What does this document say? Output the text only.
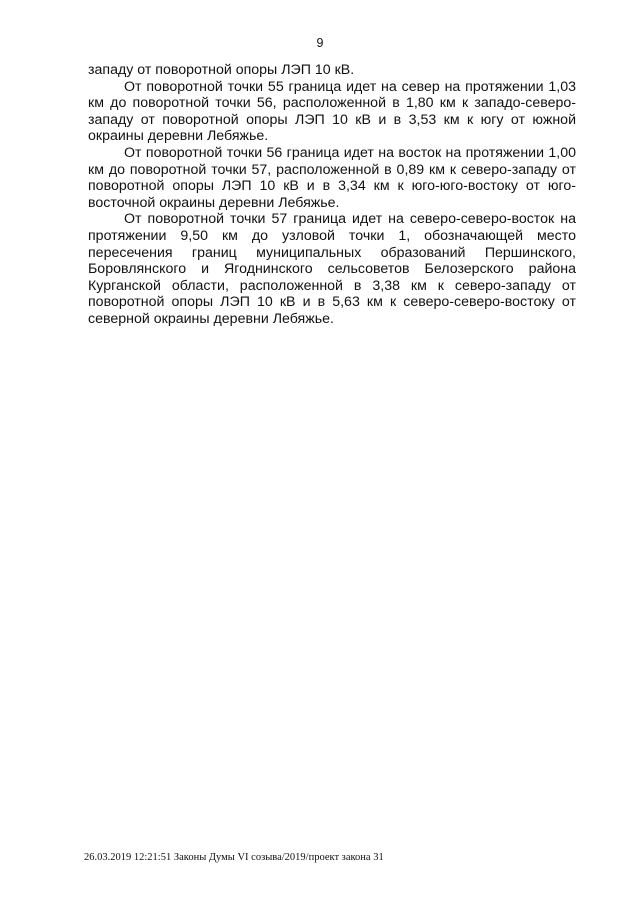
9

западу от поворотной опоры ЛЭП 10 кВ.

От поворотной точки 55 граница идет на север на протяжении 1,03 км до поворотной точки 56, расположенной в 1,80 км к западо-северо-западу от поворотной опоры ЛЭП 10 кВ и в 3,53 км к югу от южной окраины деревни Лебяжье.

От поворотной точки 56 граница идет на восток на протяжении 1,00 км до поворотной точки 57, расположенной в 0,89 км к северо-западу от поворотной опоры ЛЭП 10 кВ и в 3,34 км к юго-юго-востоку от юго-восточной окраины деревни Лебяжье.

От поворотной точки 57 граница идет на северо-северо-восток на протяжении 9,50 км до узловой точки 1, обозначающей место пересечения границ муниципальных образований Першинского, Боровлянского и Ягоднинского сельсоветов Белозерского района Курганской области, расположенной в 3,38 км к северо-западу от поворотной опоры ЛЭП 10 кВ и в 5,63 км к северо-северо-востоку от северной окраины деревни Лебяжье.

26.03.2019 12:21:51 Законы Думы VI созыва/2019/проект закона 31
